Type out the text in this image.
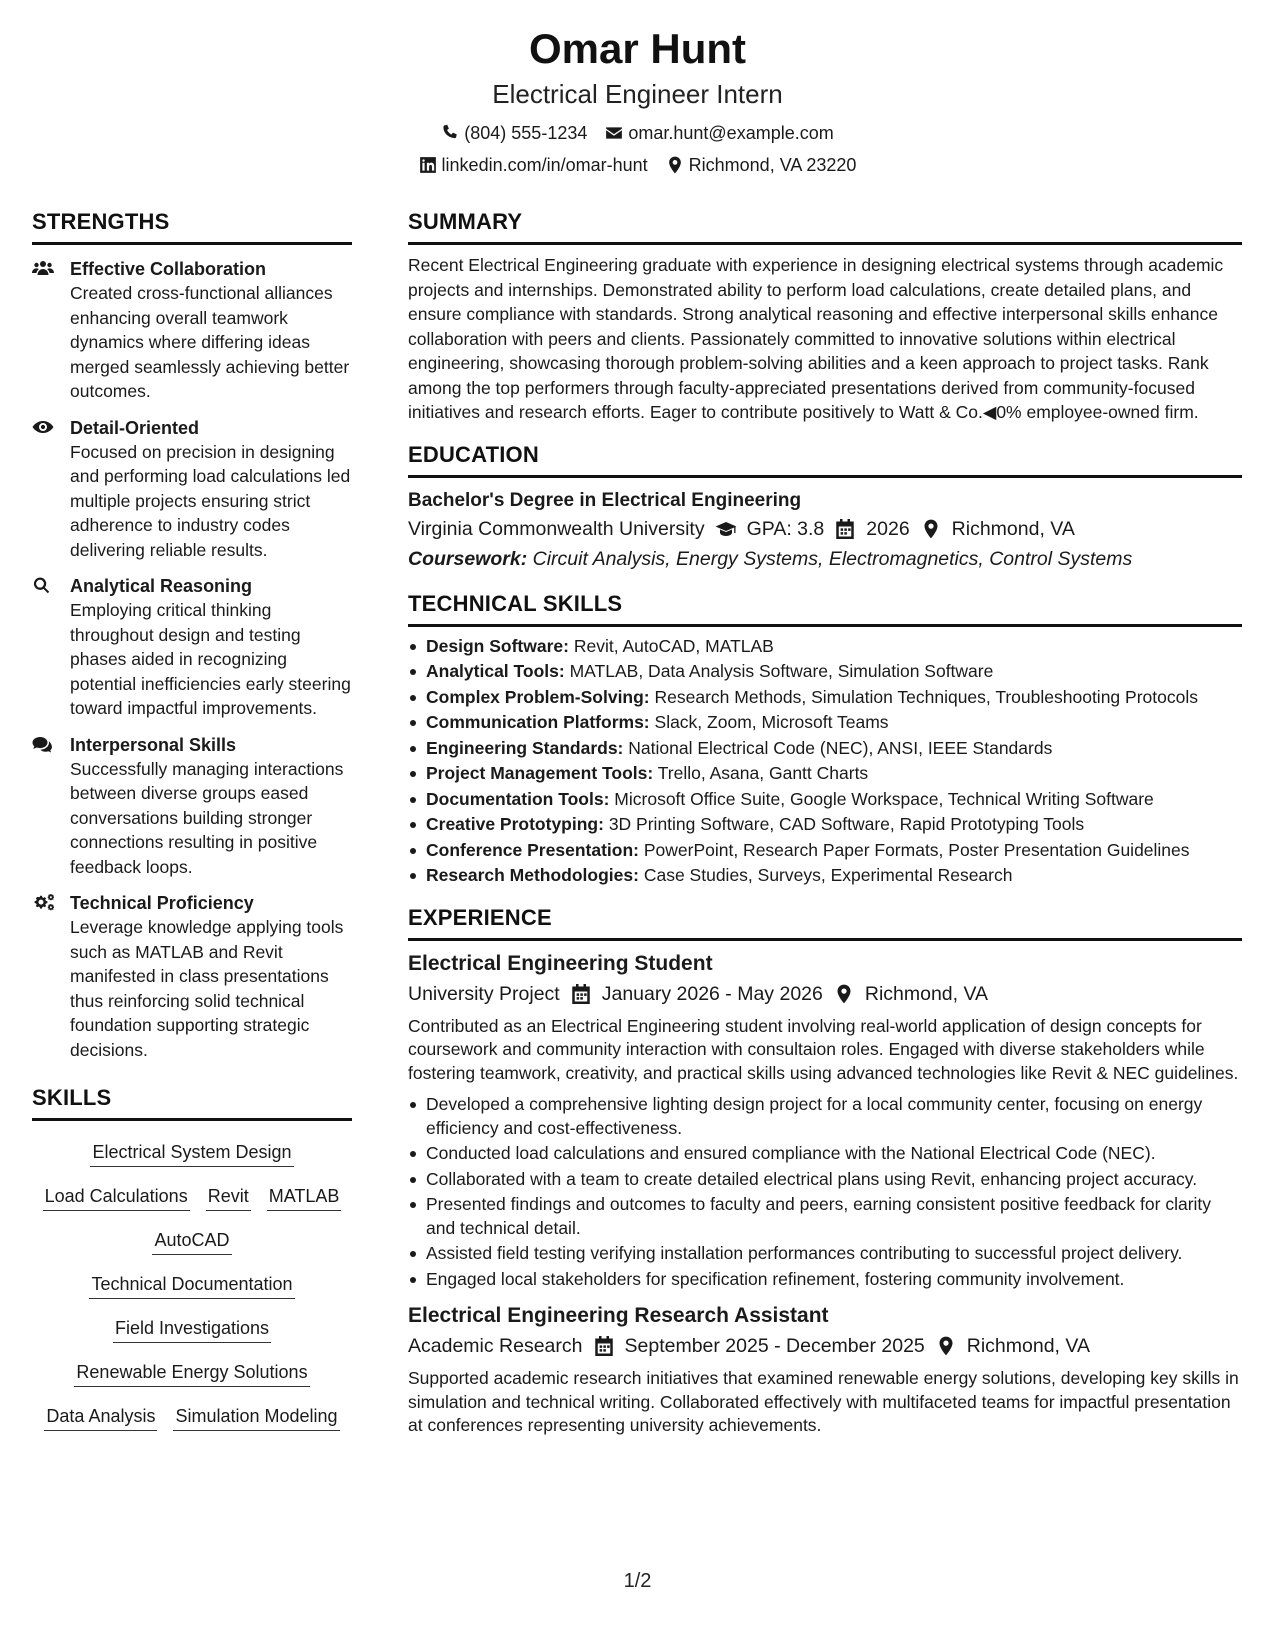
Omar Hunt
Electrical Engineer Intern
(804) 555-1234 omar.hunt@example.com
linkedin.com/in/omar-hunt Richmond, VA 23220
STRENGTHS
Effective Collaboration
Created cross-functional alliances enhancing overall teamwork dynamics where differing ideas merged seamlessly achieving better outcomes.
Detail-Oriented
Focused on precision in designing and performing load calculations led multiple projects ensuring strict adherence to industry codes delivering reliable results.
Analytical Reasoning
Employing critical thinking throughout design and testing phases aided in recognizing potential inefficiencies early steering toward impactful improvements.
Interpersonal Skills
Successfully managing interactions between diverse groups eased conversations building stronger connections resulting in positive feedback loops.
Technical Proficiency
Leverage knowledge applying tools such as MATLAB and Revit manifested in class presentations thus reinforcing solid technical foundation supporting strategic decisions.
SKILLS
Electrical System Design
Load Calculations Revit MATLAB
AutoCAD
Technical Documentation
Field Investigations
Renewable Energy Solutions
Data Analysis Simulation Modeling
SUMMARY
Recent Electrical Engineering graduate with experience in designing electrical systems through academic projects and internships. Demonstrated ability to perform load calculations, create detailed plans, and ensure compliance with standards. Strong analytical reasoning and effective interpersonal skills enhance collaboration with peers and clients. Passionately committed to innovative solutions within electrical engineering, showcasing thorough problem-solving abilities and a keen approach to project tasks. Rank among the top performers through faculty-appreciated presentations derived from community-focused initiatives and research efforts. Eager to contribute positively to Watt & Co.◀0% employee-owned firm.
EDUCATION
Bachelor's Degree in Electrical Engineering
Virginia Commonwealth University GPA: 3.8 2026 Richmond, VA
Coursework: Circuit Analysis, Energy Systems, Electromagnetics, Control Systems
TECHNICAL SKILLS
Design Software: Revit, AutoCAD, MATLAB
Analytical Tools: MATLAB, Data Analysis Software, Simulation Software
Complex Problem-Solving: Research Methods, Simulation Techniques, Troubleshooting Protocols
Communication Platforms: Slack, Zoom, Microsoft Teams
Engineering Standards: National Electrical Code (NEC), ANSI, IEEE Standards
Project Management Tools: Trello, Asana, Gantt Charts
Documentation Tools: Microsoft Office Suite, Google Workspace, Technical Writing Software
Creative Prototyping: 3D Printing Software, CAD Software, Rapid Prototyping Tools
Conference Presentation: PowerPoint, Research Paper Formats, Poster Presentation Guidelines
Research Methodologies: Case Studies, Surveys, Experimental Research
EXPERIENCE
Electrical Engineering Student
University Project January 2026 - May 2026 Richmond, VA
Contributed as an Electrical Engineering student involving real-world application of design concepts for coursework and community interaction with consultaion roles. Engaged with diverse stakeholders while fostering teamwork, creativity, and practical skills using advanced technologies like Revit & NEC guidelines.
Developed a comprehensive lighting design project for a local community center, focusing on energy efficiency and cost-effectiveness.
Conducted load calculations and ensured compliance with the National Electrical Code (NEC).
Collaborated with a team to create detailed electrical plans using Revit, enhancing project accuracy.
Presented findings and outcomes to faculty and peers, earning consistent positive feedback for clarity and technical detail.
Assisted field testing verifying installation performances contributing to successful project delivery.
Engaged local stakeholders for specification refinement, fostering community involvement.
Electrical Engineering Research Assistant
Academic Research September 2025 - December 2025 Richmond, VA
Supported academic research initiatives that examined renewable energy solutions, developing key skills in simulation and technical writing. Collaborated effectively with multifaceted teams for impactful presentation at conferences representing university achievements.
1/2
